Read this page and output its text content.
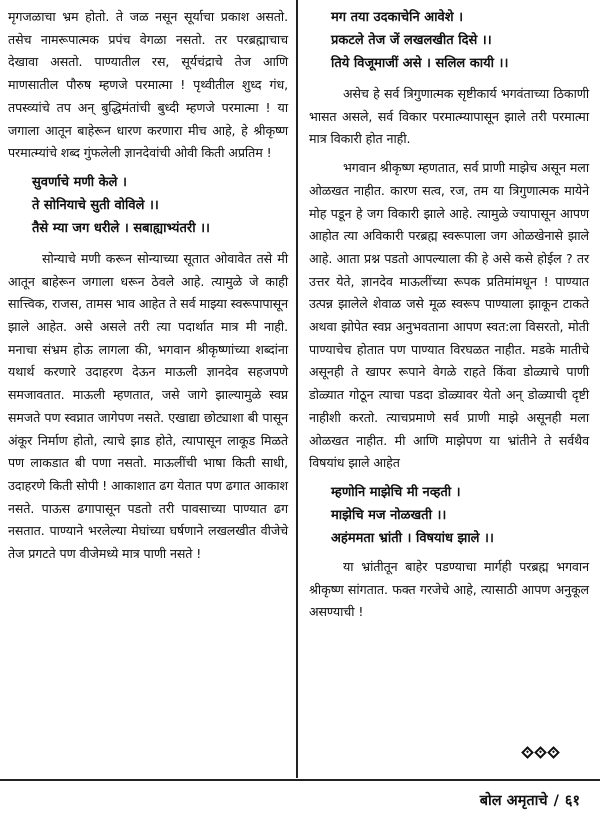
मृगजळाचा भ्रम होतो. ते जळ नसून सूर्याचा प्रकाश असतो. तसेच नामरूपात्मक प्रपंच वेगळा नसतो. तर परब्रह्माचाच देखावा असतो. पाण्यातील रस, सूर्यचंद्राचे तेज आणि माणसातील पौरुष म्हणजे परमात्मा ! पृथ्वीतील शुध्द गंध, तपस्व्यांचे तप अन् बुद्धिमंतांची बुध्दी म्हणजे परमात्मा ! या जगाला आतून बाहेरून धारण करणारा मीच आहे, हे श्रीकृष्ण परमात्म्यांचे शब्द गुंफलेली ज्ञानदेवांची ओवी किती अप्रतिम !

सुवर्णाचे मणी केले ।

ते सोनियाचे सुती वोविले ।।

तैसे म्या जग धरीले । सबाह्याभ्यंतरी ।।

सोन्याचे मणी करून सोन्याच्या सूतात ओवावेत तसे मी आतून बाहेरून जगाला धरून ठेवले आहे. त्यामुळे जे काही सात्त्विक, राजस, तामस भाव आहेत ते सर्व माझ्या स्वरूपापासून झाले आहेत. असे असले तरी त्या पदार्थात मात्र मी नाही. मनाचा संभ्रम होऊ लागला की, भगवान श्रीकृष्णांच्या शब्दांना यथार्थ करणारे उदाहरण देऊन माऊली ज्ञानदेव सहजपणे समजावतात. माऊली म्हणतात, जसे जागे झाल्यामुळे स्वप्न समजते पण स्वप्नात जागेपण नसते. एखाद्या छोट्याशा बी पासून अंकूर निर्माण होतो, त्याचे झाड होते, त्यापासून लाकूड मिळते पण लाकडात बी पणा नसतो. माऊलींची भाषा किती साधी, उदाहरणे किती सोपी ! आकाशात ढग येतात पण ढगात आकाश नसते. पाऊस ढगापासून पडतो तरी पावसाच्या पाण्यात ढग नसतात. पाण्याने भरलेल्या मेघांच्या घर्षणाने लखलखीत वीजेचे तेज प्रगटते पण वीजेमध्ये मात्र पाणी नसते !

मग तया उदकाचेनि आवेशे ।

प्रकटले तेज जें लखलखीत दिसे ।।

तिये विजूमाजीं असे । सलिल कायी ।।

असेच हे सर्व त्रिगुणात्मक सृष्टीकार्य भगवंताच्या ठिकाणी भासत असले, सर्व विकार परमात्म्यापासून झाले तरी परमात्मा मात्र विकारी होत नाही.

भगवान श्रीकृष्ण म्हणतात, सर्व प्राणी माझेच असून मला ओळखत नाहीत. कारण सत्व, रज, तम या त्रिगुणात्मक मायेने मोह पडून हे जग विकारी झाले आहे. त्यामुळे ज्यापासून आपण आहोत त्या अविकारी परब्रह्म स्वरूपाला जग ओळखेनासे झाले आहे. आता प्रश्न पडतो आपल्याला की हे असे कसे होईल ? तर उत्तर येते, ज्ञानदेव माऊलींच्या रूपक प्रतिमांमधून ! पाण्यात उत्पन्न झालेले शेवाळ जसे मूळ स्वरूप पाण्याला झाकून टाकते अथवा झोपेत स्वप्न अनुभवताना आपण स्वत:ला विसरतो, मोती पाण्याचेच होतात पण पाण्यात विरघळत नाहीत. मडके मातीचे असूनही ते खापर रूपाने वेगळे राहते किंवा डोळ्याचे पाणी डोळ्यात गोठून त्याचा पडदा डोळ्यावर येतो अन् डोळ्याची दृष्टी नाहीशी करतो. त्याचप्रमाणे सर्व प्राणी माझे असूनही मला ओळखत नाहीत. मी आणि माझेपण या भ्रांतीने ते सर्वथैव विषयांध झाले आहेत

म्हणोनि माझेचि मी नव्हती ।

माझेचि मज नोळखती ।।

अहंममता भ्रांती । विषयांध झाले ।।

या भ्रांतीतून बाहेर पडण्याचा मार्गही परब्रह्म भगवान श्रीकृष्ण सांगतात. फक्त गरजेचे आहे, त्यासाठी आपण अनुकूल असण्याची !

बोल अमृताचे / ६१
